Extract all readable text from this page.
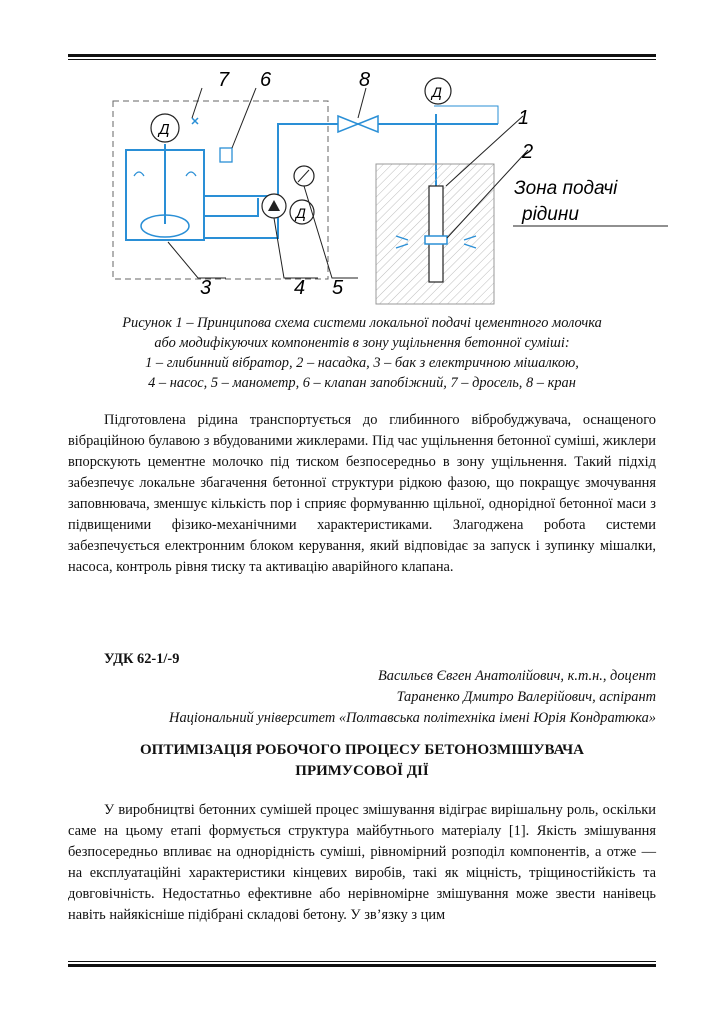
Д
Д
Д
7 6	8
1
2
3	4 5
Зона подачі
рідини
Рисунок 1 – Принципова схема системи локальної подачі цементного молочка
або модифікуючих компонентів в зону ущільнення бетонної суміші:
1 – глибинний вібратор, 2 – насадка, 3 – бак з електричною мішалкою,
4 – насос, 5 – манометр, 6 – клапан запобіжний, 7 – дросель, 8 – кран

Підготовлена рідина транспортується до глибинного вібробуджувача, оснащеного вібраційною булавою з вбудованими жиклерами. Під час ущільнення бетонної суміші, жиклери впорскують цементне молочко під тиском безпосередньо в зону ущільнення. Такий підхід забезпечує локальне збагачення бетонної структури рідкою фазою, що покращує змочування заповнювача, зменшує кількість пор і сприяє формуванню щільної, однорідної бетонної маси з підвищеними фізико-механічними характеристиками. Злагоджена робота системи забезпечується електронним блоком керування, який відповідає за запуск і зупинку мішалки, насоса, контроль рівня тиску та активацію аварійного клапана.

УДК 62-1/-9
Васильєв Євген Анатолійович, к.т.н., доцент
Тараненко Дмитро Валерійович, аспірант
Національний університет «Полтавська політехніка імені Юрія Кондратюка»
ОПТИМІЗАЦІЯ РОБОЧОГО ПРОЦЕСУ БЕТОНОЗМІШУВАЧА
ПРИМУСОВОЇ ДІЇ

У виробництві бетонних сумішей процес змішування відіграє вирішальну роль, оскільки саме на цьому етапі формується структура майбутнього матеріалу [1]. Якість змішування безпосередньо впливає на однорідність суміші, рівномірний розподіл компонентів, а отже — на експлуатаційні характеристики кінцевих виробів, такі як міцність, тріщиностійкість та довговічність. Недостатньо ефективне або нерівномірне змішування може звести нанівець навіть найякісніше підібрані складові бетону. У зв’язку з цим
